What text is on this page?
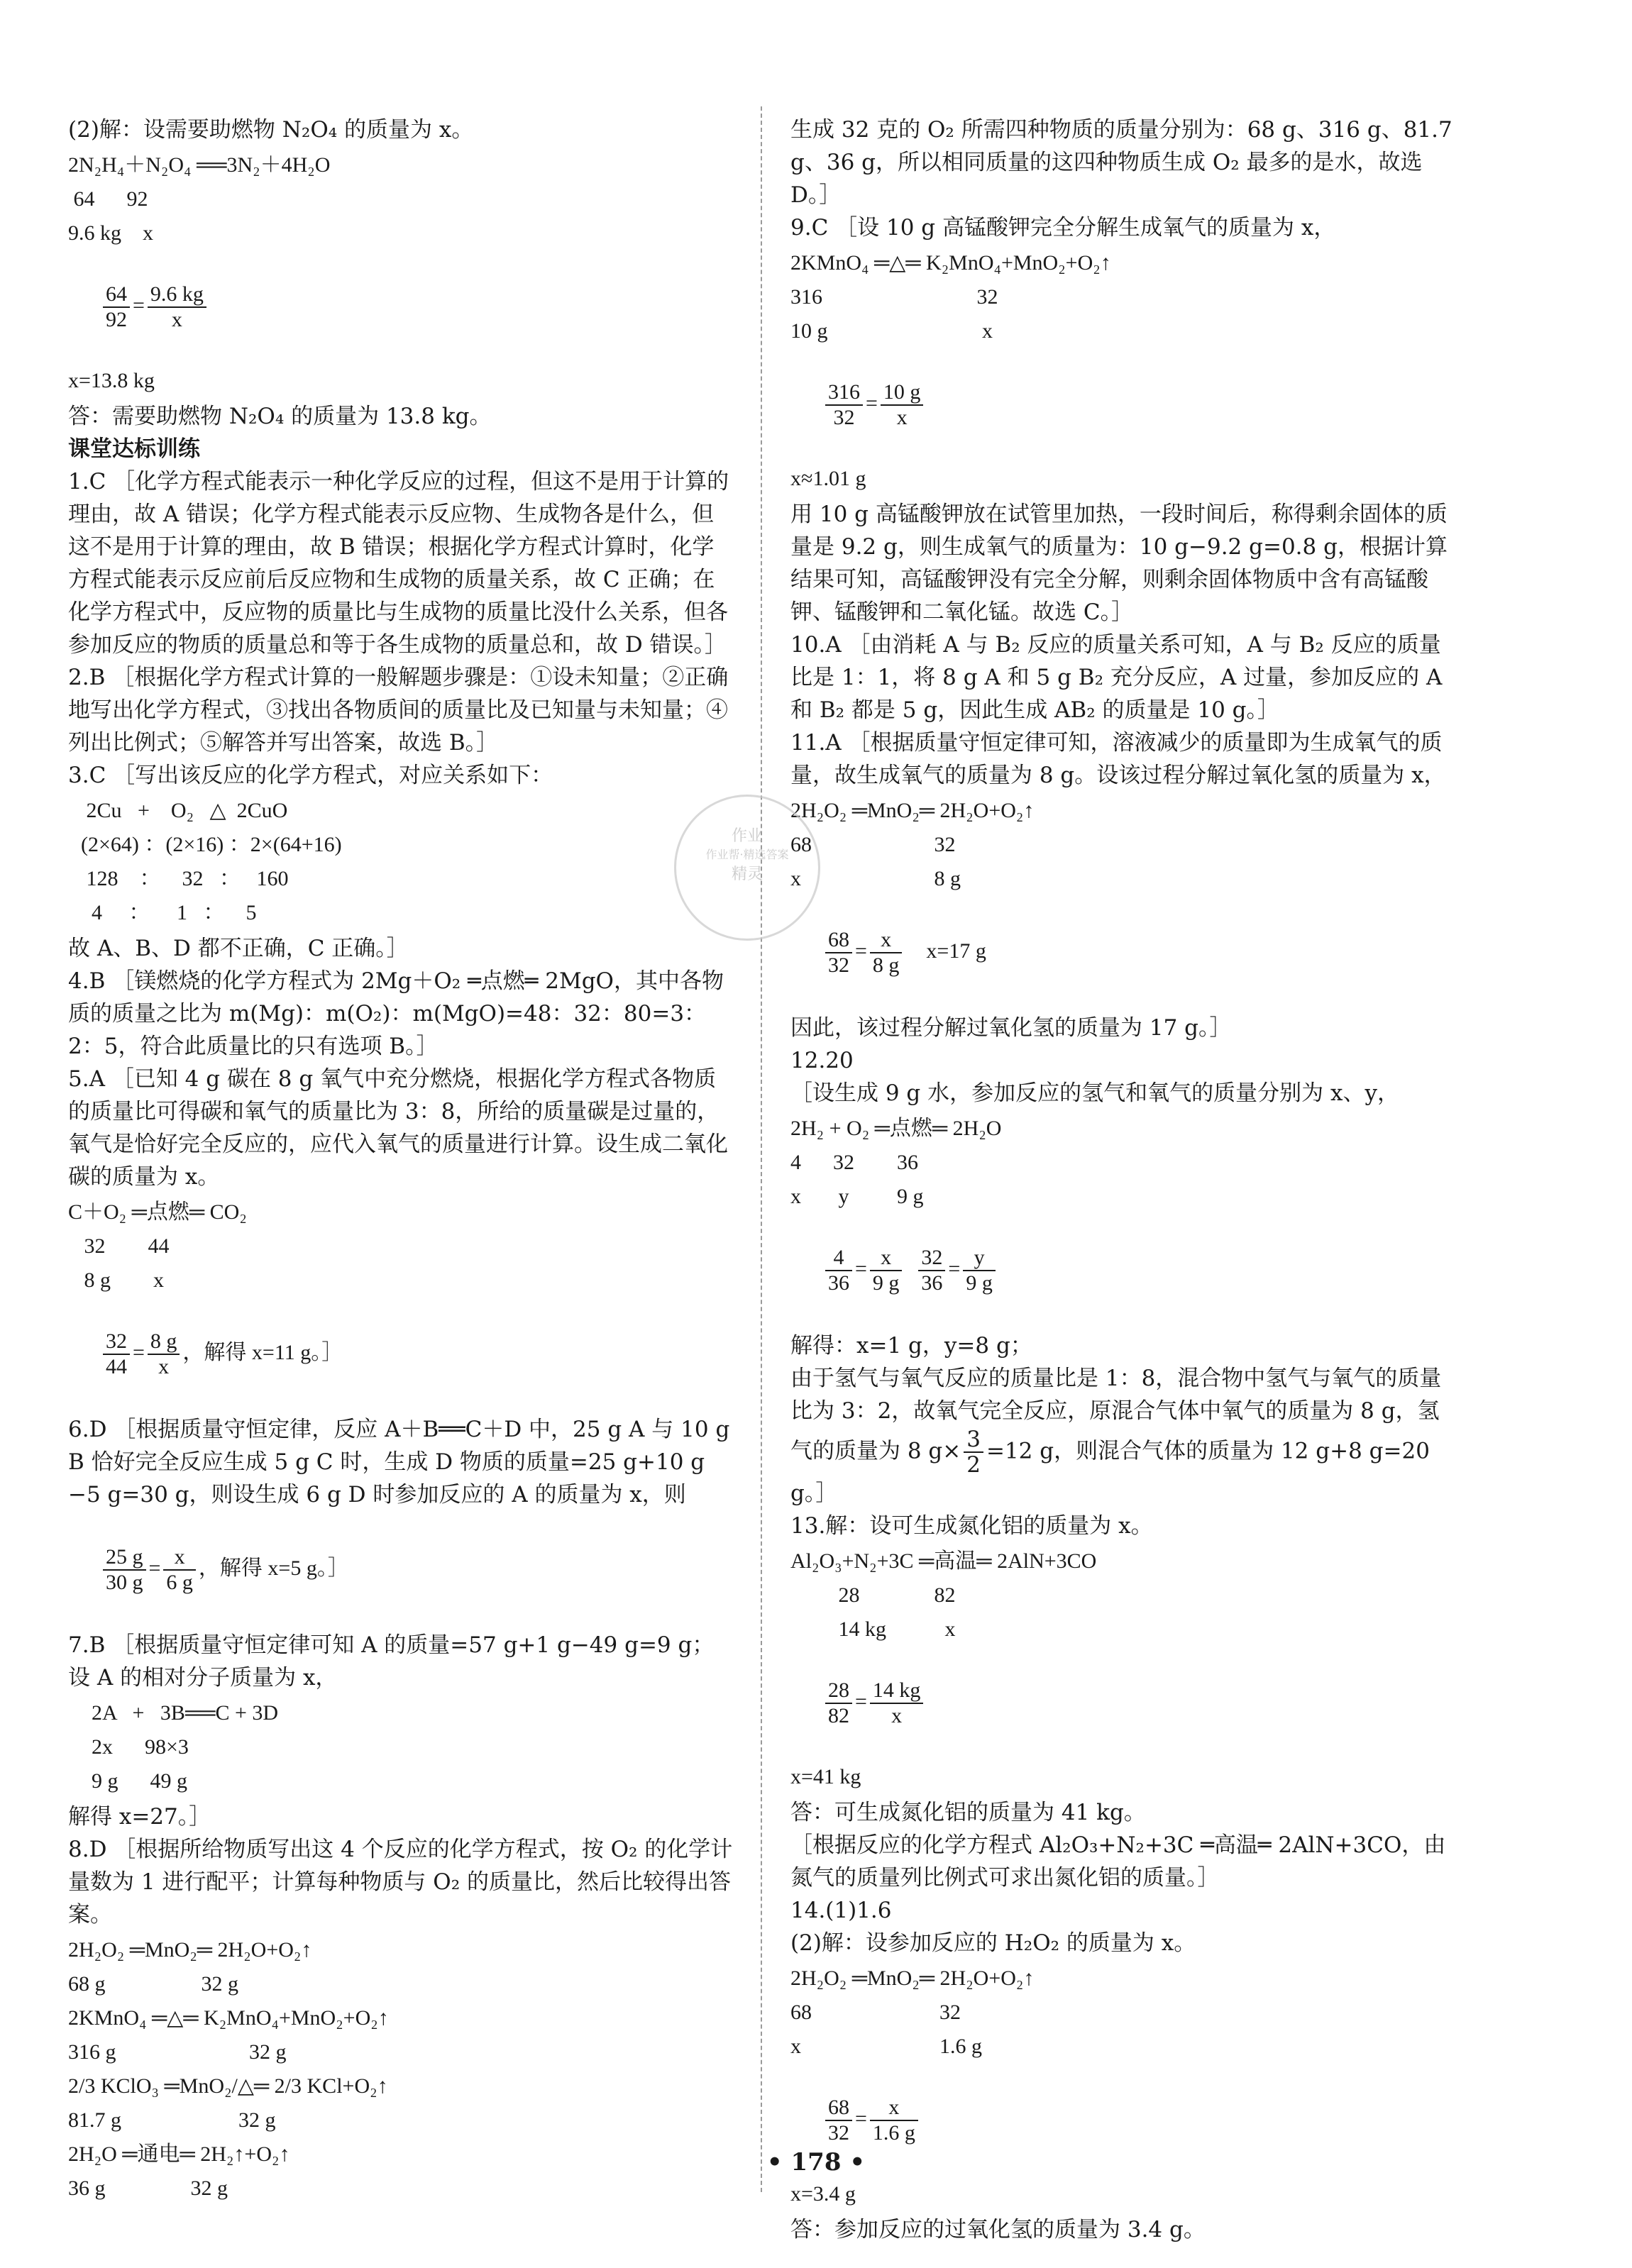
(2)解：设需要助燃物 N₂O₄ 的质量为 x。

2N₂H₄＋N₂O₄ ══3N₂＋4H₂O
64      92
9.6 kg    x

$\frac{64}{92} = \frac{9.6 kg}{x}$

x=13.8 kg

答：需要助燃物 N₂O₄ 的质量为 13.8 kg。

课堂达标训练

1.C ［化学方程式能表示一种化学反应的过程，但这不是用于计算的理由，故 A 错误；化学方程式能表示反应物、生成物各是什么，但这不是用于计算的理由，故 B 错误；根据化学方程式计算时，化学方程式能表示反应前后反应物和生成物的质量关系，故 C 正确；在化学方程式中，反应物的质量比与生成物的质量比没什么关系，但各参加反应的物质的质量总和等于各生成物的质量总和，故 D 错误。］

2.B ［根据化学方程式计算的一般解题步骤是：①设未知量；②正确地写出化学方程式，③找出各物质间的质量比及已知量与未知量；④列出比例式；⑤解答并写出答案，故选 B。］

3.C ［写出该反应的化学方程式，对应关系如下：

2Cu   +    O₂   △  2CuO
(2×64) ：(2×16) ：2×(64+16)
128    ：    32   ：   160
4     ：     1   ：    5

故 A、B、D 都不正确，C 正确。］

4.B ［镁燃烧的化学方程式为 2Mg＋O₂ ═点燃═ 2MgO，其中各物质的质量之比为 m(Mg)：m(O₂)：m(MgO)=48：32：80=3：2：5，符合此质量比的只有选项 B。］

5.A ［已知 4 g 碳在 8 g 氧气中充分燃烧，根据化学方程式各物质的质量比可得碳和氧气的质量比为 3：8，所给的质量碳是过量的，氧气是恰好完全反应的，应代入氧气的质量进行计算。设生成二氧化碳的质量为 x。

C＋O₂ ═点燃═ CO₂
32        44
8 g        x

$\frac{32}{44} = \frac{8 g}{x}$ ，解得 x=11 g。］

6.D ［根据质量守恒定律，反应 A＋B══C＋D 中，25 g A 与 10 g B 恰好完全反应生成 5 g C 时，生成 D 物质的质量=25 g+10 g−5 g=30 g，则设生成 6 g D 时参加反应的 A 的质量为 x，则

$\frac{25 g}{30 g} = \frac{x}{6 g}$ ，解得 x=5 g。］

7.B ［根据质量守恒定律可知 A 的质量=57 g+1 g−49 g=9 g；设 A 的相对分子质量为 x，

2A   +   3B══C + 3D
2x      98×3
9 g      49 g

解得 x=27。］

8.D ［根据所给物质写出这 4 个反应的化学方程式，按 O₂ 的化学计量数为 1 进行配平；计算每种物质与 O₂ 的质量比，然后比较得出答案。

2H₂O₂ ═MnO₂═ 2H₂O+O₂↑
68 g                  32 g
2KMnO₄ ═△═ K₂MnO₄+MnO₂+O₂↑
316 g                         32 g
2/3 KClO₃ ═MnO₂/△═ 2/3 KCl+O₂↑
81.7 g                      32 g
2H₂O ═通电═ 2H₂↑+O₂↑
36 g                32 g

生成 32 克的 O₂ 所需四种物质的质量分别为：68 g、316 g、81.7 g、36 g，所以相同质量的这四种物质生成 O₂ 最多的是水，故选 D。］

9.C ［设 10 g 高锰酸钾完全分解生成氧气的质量为 x，

2KMnO₄ ═△═ K₂MnO₄+MnO₂+O₂↑
316                             32
10 g                             x

$\frac{316}{32} = \frac{10 g}{x}$

x≈1.01 g

用 10 g 高锰酸钾放在试管里加热，一段时间后，称得剩余固体的质量是 9.2 g，则生成氧气的质量为：10 g−9.2 g=0.8 g，根据计算结果可知，高锰酸钾没有完全分解，则剩余固体物质中含有高锰酸钾、锰酸钾和二氧化锰。故选 C。］

10.A ［由消耗 A 与 B₂ 反应的质量关系可知，A 与 B₂ 反应的质量比是 1：1，将 8 g A 和 5 g B₂ 充分反应，A 过量，参加反应的 A 和 B₂ 都是 5 g，因此生成 AB₂ 的质量是 10 g。］

11.A ［根据质量守恒定律可知，溶液减少的质量即为生成氧气的质量，故生成氧气的质量为 8 g。设该过程分解过氧化氢的质量为 x，

2H₂O₂ ═MnO₂═ 2H₂O+O₂↑
68                       32
x                         8 g

$\frac{68}{32} = \frac{x}{8 g} x=17$ g

因此，该过程分解过氧化氢的质量为 17 g。］

12.20

［设生成 9 g 水，参加反应的氢气和氧气的质量分别为 x、y，

2H₂ + O₂ ═点燃═ 2H₂O
4      32        36
x       y         9 g

$\frac{4}{36} = \frac{x}{9 g}$
$\frac{32}{36} = \frac{y}{9 g}$

解得：x=1 g，y=8 g；

由于氢气与氧气反应的质量比是 1：8，混合物中氢气与氧气的质量比为 3：2，故氧气完全反应，原混合气体中氧气的质量为 8 g，氢气的质量为 8 $g\times \frac{3}{2} =12$ g，则混合气体的质量为 12 g+8 g=20 g。］

13.解：设可生成氮化铝的质量为 x。

Al₂O₃+N₂+3C ═高温═ 2AlN+3CO
28              82
14 kg           x

$\frac{28}{82} = \frac{14 kg}{x}$

x=41 kg

答：可生成氮化铝的质量为 41 kg。

［根据反应的化学方程式 Al₂O₃+N₂+3C ═高温═ 2AlN+3CO，由氮气的质量列比例式可求出氮化铝的质量。］

14.(1)1.6

(2)解：设参加反应的 H₂O₂ 的质量为 x。

2H₂O₂ ═MnO₂═ 2H₂O+O₂↑
68                        32
x                          1.6 g

$\frac{68}{32} = \frac{x}{1.6 g}$

x=3.4 g

答：参加反应的过氧化氢的质量为 3.4 g。

作业
作业帮·精选答案
精灵
• 178 •
